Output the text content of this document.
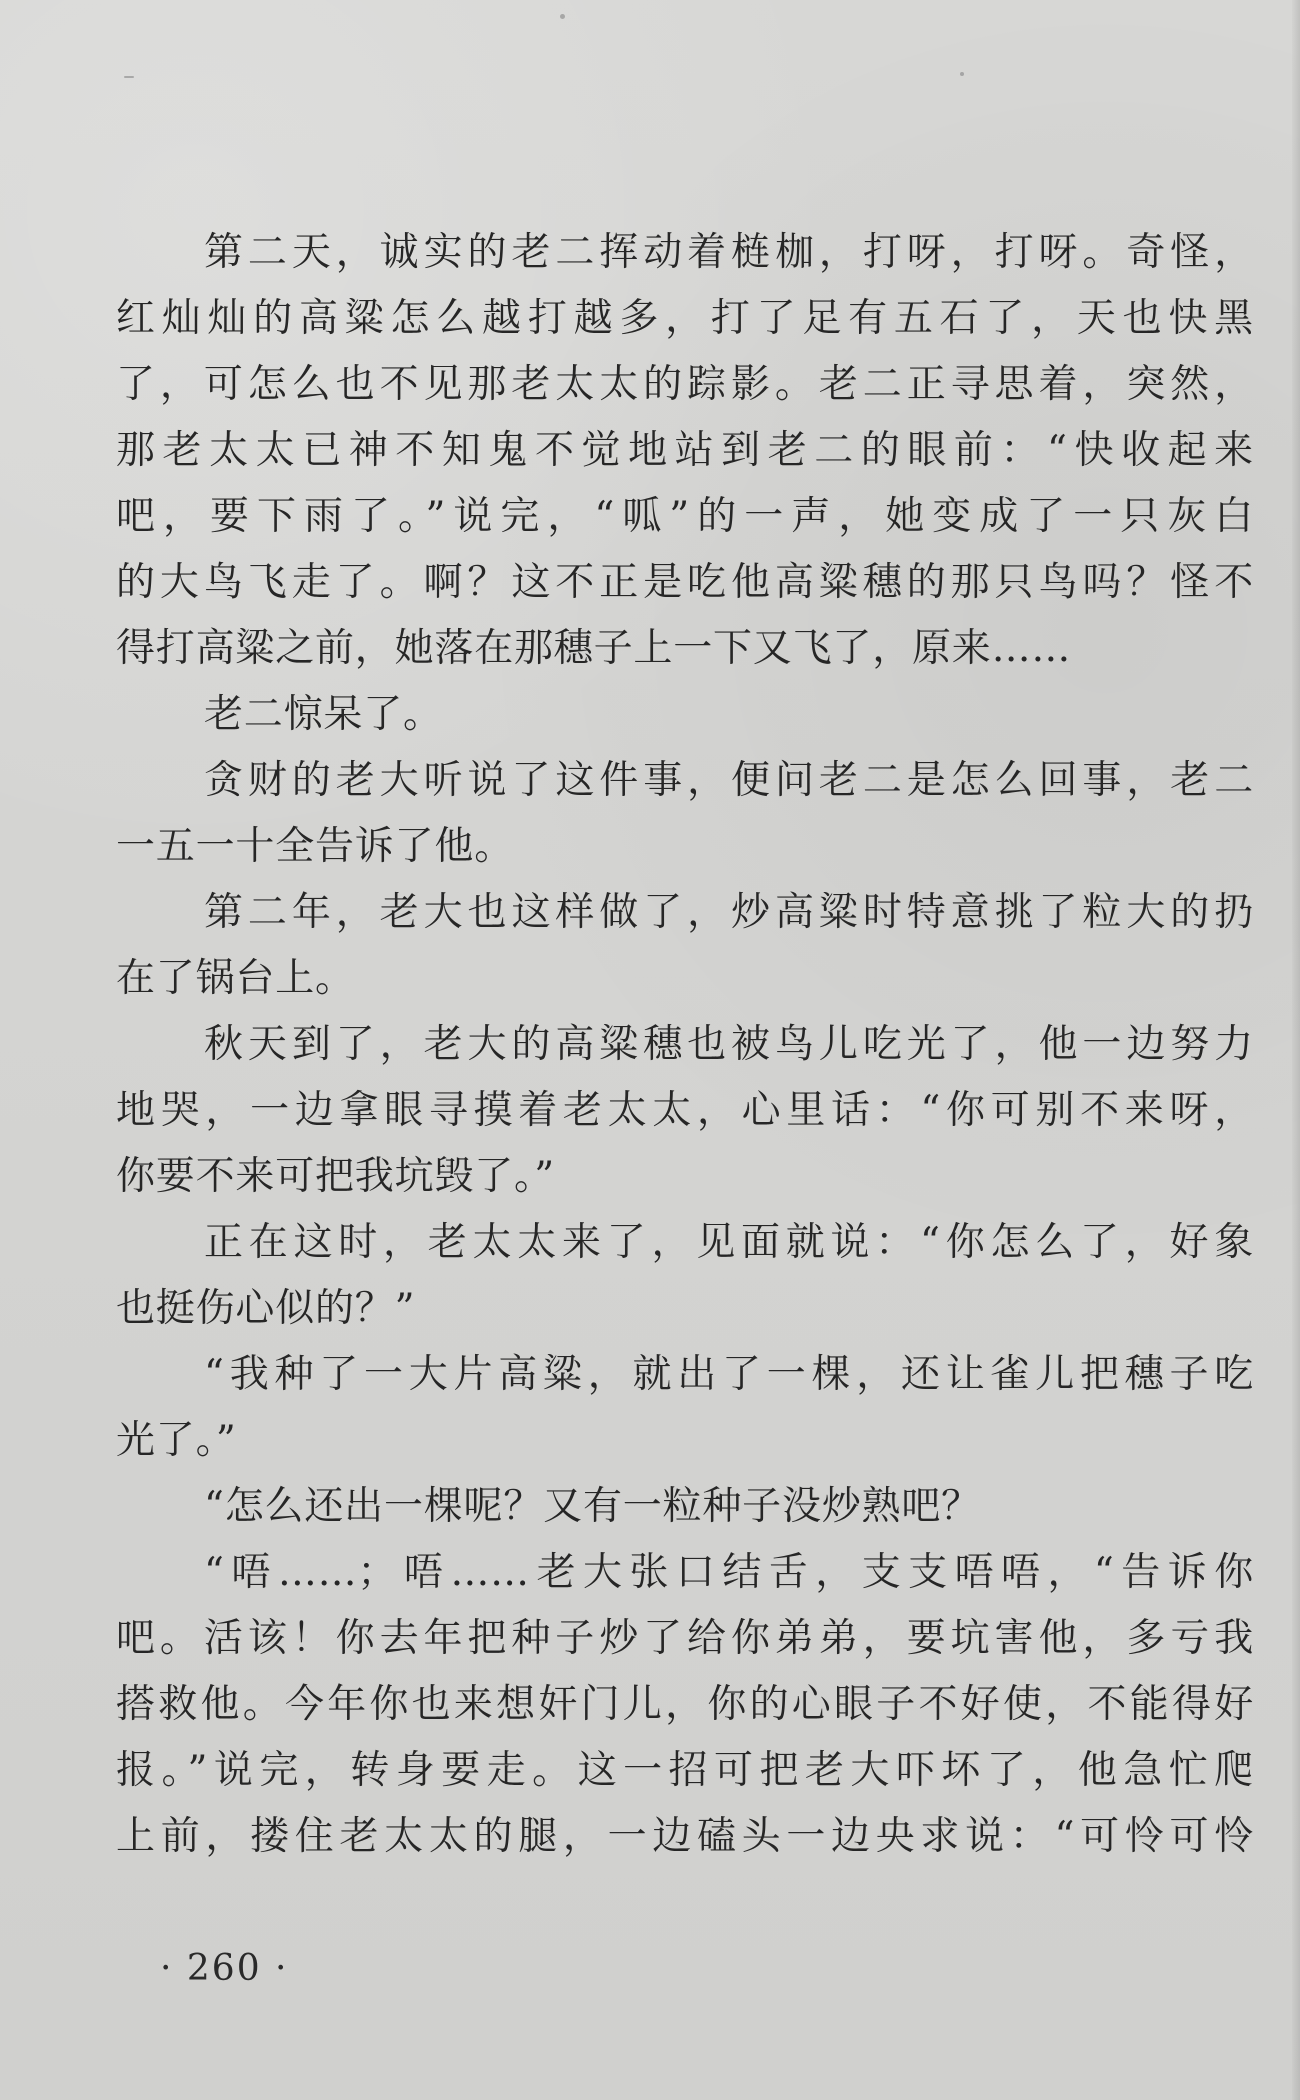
第二天，诚实的老二挥动着梿枷，打呀，打呀。奇怪，
红灿灿的高粱怎么越打越多，打了足有五石了，天也快黑
了，可怎么也不见那老太太的踪影。老二正寻思着，突然，
那老太太已神不知鬼不觉地站到老二的眼前：“快收起来
吧，要下雨了。”说完，“呱”的一声，她变成了一只灰白
的大鸟飞走了。啊？这不正是吃他高粱穗的那只鸟吗？怪不
得打高粱之前，她落在那穗子上一下又飞了，原来……
老二惊呆了。
贪财的老大听说了这件事，便问老二是怎么回事，老二
一五一十全告诉了他。
第二年，老大也这样做了，炒高粱时特意挑了粒大的扔
在了锅台上。
秋天到了，老大的高粱穗也被鸟儿吃光了，他一边努力
地哭，一边拿眼寻摸着老太太，心里话：“你可别不来呀，
你要不来可把我坑毁了。”
正在这时，老太太来了，见面就说：“你怎么了，好象
也挺伤心似的？”
“我种了一大片高粱，就出了一棵，还让雀儿把穗子吃
光了。”
“怎么还出一棵呢？又有一粒种子没炒熟吧？
“唔……；唔……老大张口结舌，支支唔唔，“告诉你
吧。活该！你去年把种子炒了给你弟弟，要坑害他，多亏我
搭救他。今年你也来想奸门儿，你的心眼子不好使，不能得好
报。”说完，转身要走。这一招可把老大吓坏了，他急忙爬
上前，搂住老太太的腿，一边磕头一边央求说：“可怜可怜
· 260 ·
